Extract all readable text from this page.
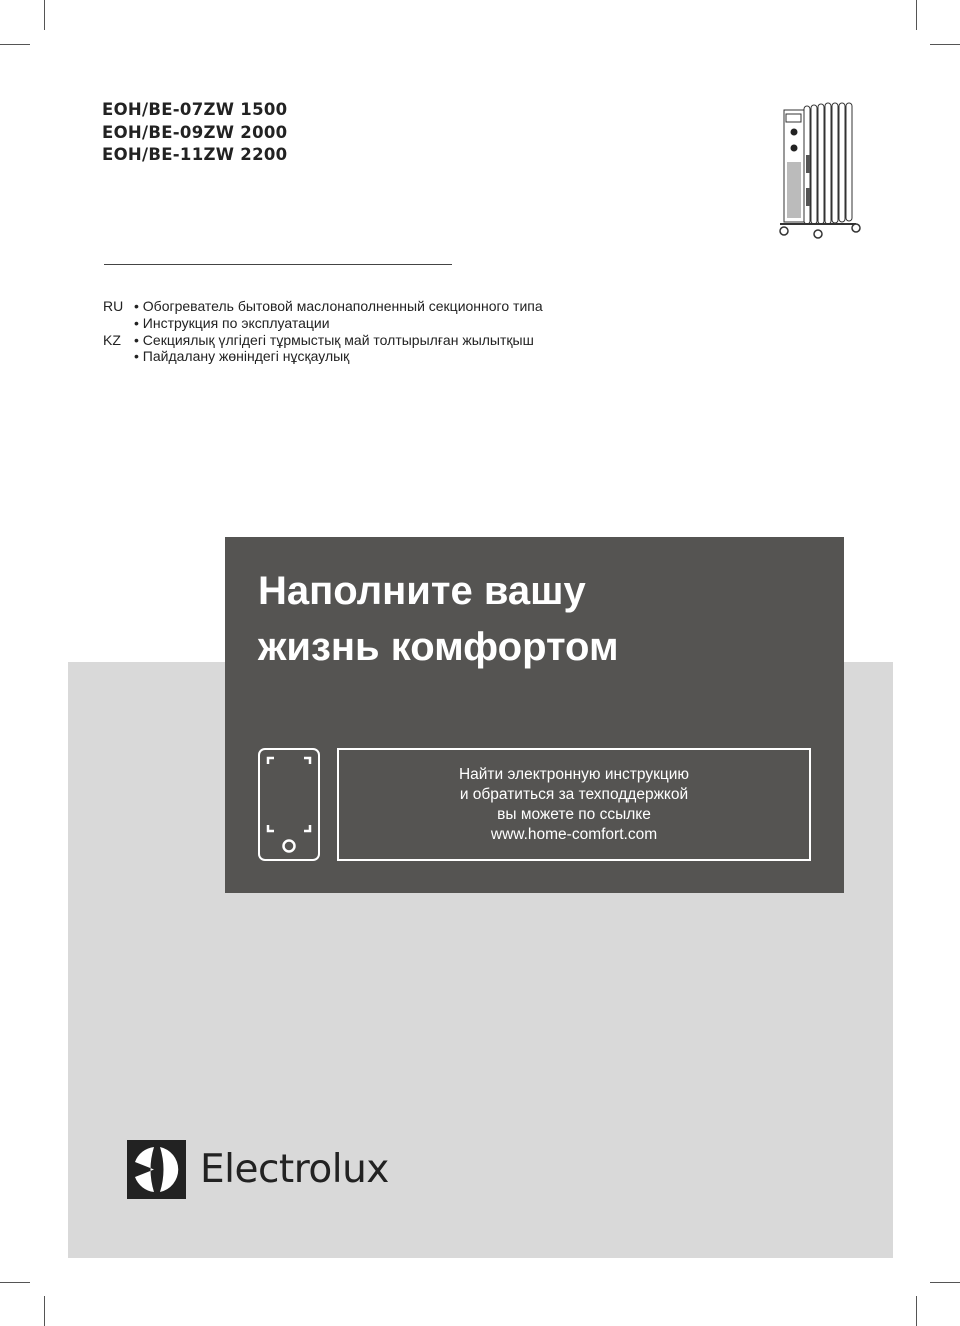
EOH/BE-07ZW 1500
EOH/BE-09ZW 2000
EOH/BE-11ZW 2200
RU • Обогреватель бытовой маслонаполненный секционного типа
• Инструкция по эксплуатации
KZ • Секциялық үлгідегі тұрмыстық май толтырылған жылытқыш
• Пайдалану жөніндегі нұсқаулық
Наполните вашу
жизнь комфортом
Найти электронную инструкцию
и обратиться за техподдержкой
вы можете по ссылке
www.home-comfort.com
Electrolux
